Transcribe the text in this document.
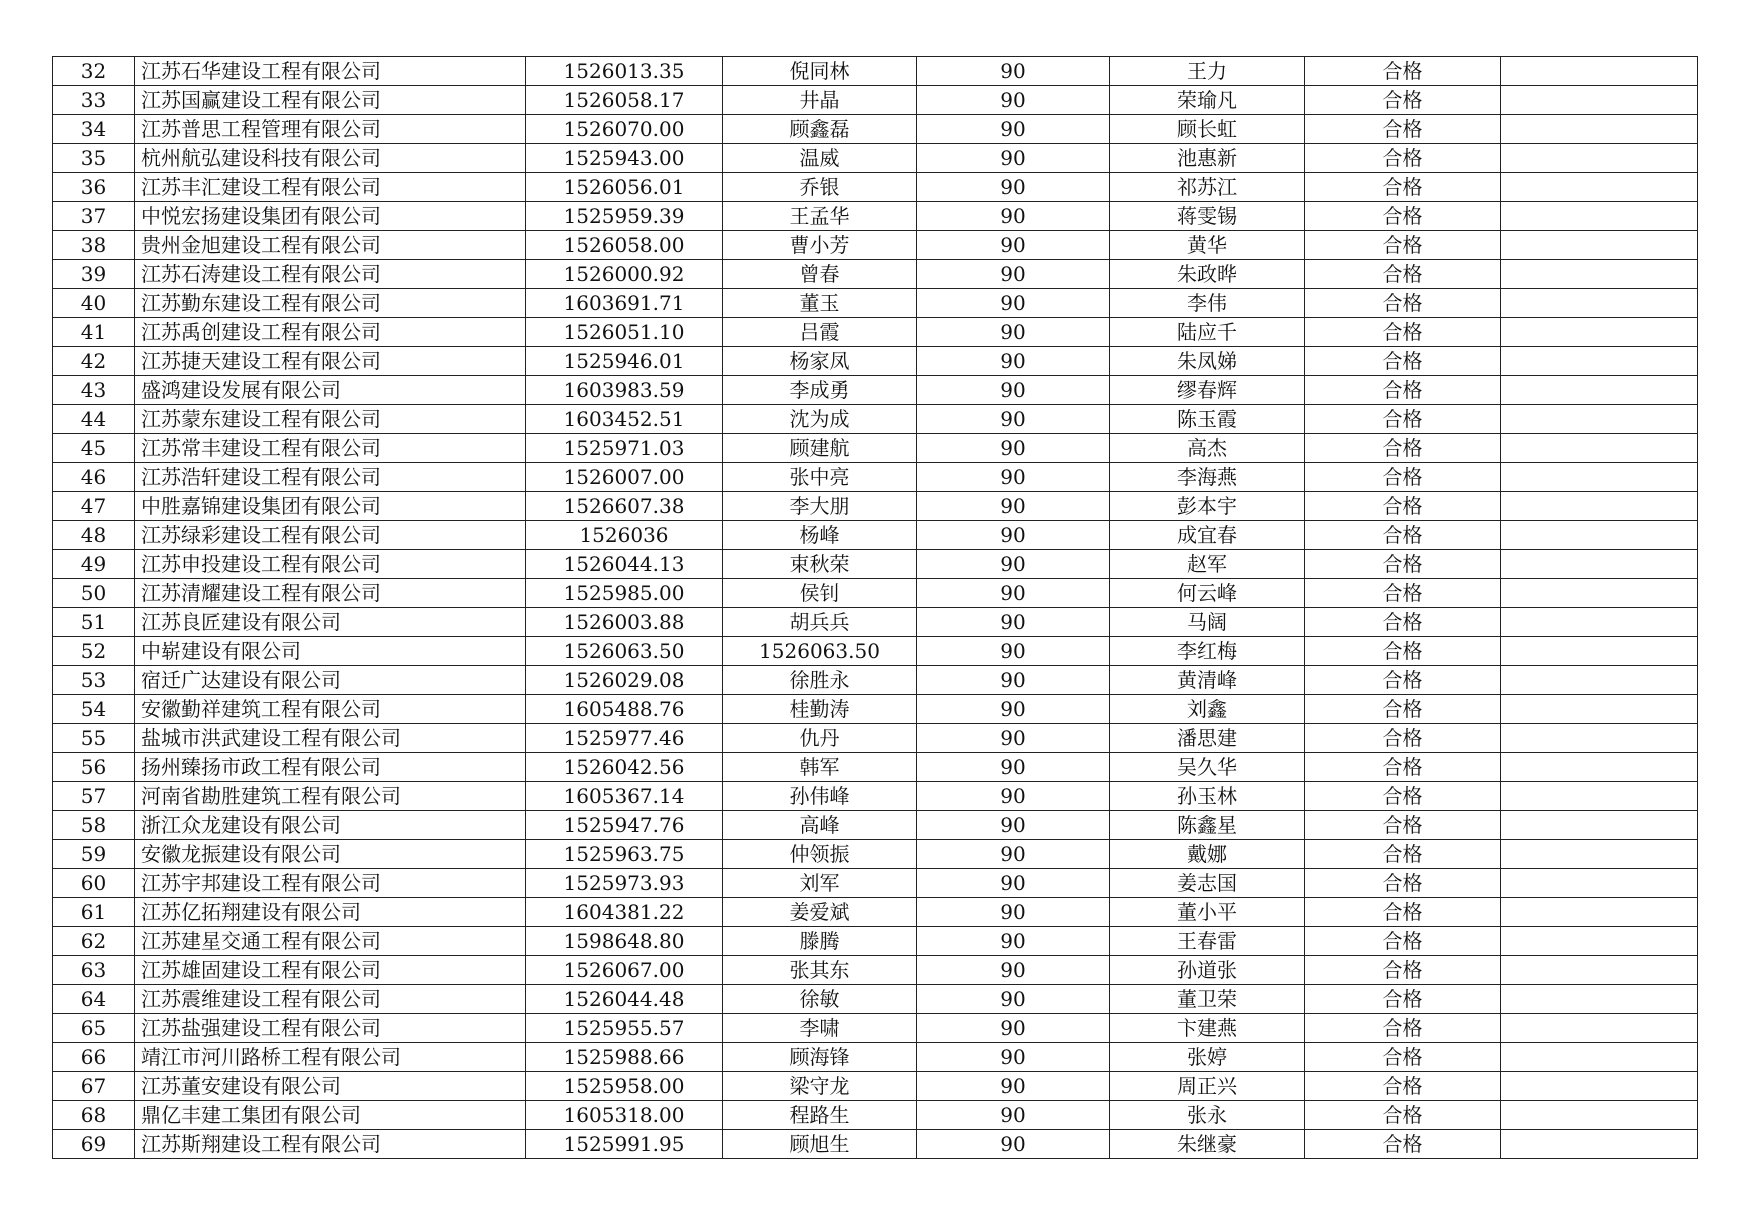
32	江苏石华建设工程有限公司	1526013.35	倪同林	90	王力	合格	
33	江苏国赢建设工程有限公司	1526058.17	井晶	90	荣瑜凡	合格	
34	江苏普思工程管理有限公司	1526070.00	顾鑫磊	90	顾长虹	合格	
35	杭州航弘建设科技有限公司	1525943.00	温威	90	池惠新	合格	
36	江苏丰汇建设工程有限公司	1526056.01	乔银	90	祁苏江	合格	
37	中悦宏扬建设集团有限公司	1525959.39	王孟华	90	蒋雯锡	合格	
38	贵州金旭建设工程有限公司	1526058.00	曹小芳	90	黄华	合格	
39	江苏石涛建设工程有限公司	1526000.92	曾春	90	朱政晔	合格	
40	江苏勤东建设工程有限公司	1603691.71	董玉	90	李伟	合格	
41	江苏禹创建设工程有限公司	1526051.10	吕霞	90	陆应千	合格	
42	江苏捷天建设工程有限公司	1525946.01	杨家凤	90	朱凤娣	合格	
43	盛鸿建设发展有限公司	1603983.59	李成勇	90	缪春辉	合格	
44	江苏蒙东建设工程有限公司	1603452.51	沈为成	90	陈玉霞	合格	
45	江苏常丰建设工程有限公司	1525971.03	顾建航	90	高杰	合格	
46	江苏浩轩建设工程有限公司	1526007.00	张中亮	90	李海燕	合格	
47	中胜嘉锦建设集团有限公司	1526607.38	李大朋	90	彭本宇	合格	
48	江苏绿彩建设工程有限公司	1526036	杨峰	90	成宜春	合格	
49	江苏申投建设工程有限公司	1526044.13	束秋荣	90	赵军	合格	
50	江苏清耀建设工程有限公司	1525985.00	侯钊	90	何云峰	合格	
51	江苏良匠建设有限公司	1526003.88	胡兵兵	90	马阔	合格	
52	中崭建设有限公司	1526063.50	1526063.50	90	李红梅	合格	
53	宿迁广达建设有限公司	1526029.08	徐胜永	90	黄清峰	合格	
54	安徽勤祥建筑工程有限公司	1605488.76	桂勤涛	90	刘鑫	合格	
55	盐城市洪武建设工程有限公司	1525977.46	仇丹	90	潘思建	合格	
56	扬州臻扬市政工程有限公司	1526042.56	韩军	90	吴久华	合格	
57	河南省勘胜建筑工程有限公司	1605367.14	孙伟峰	90	孙玉林	合格	
58	浙江众龙建设有限公司	1525947.76	高峰	90	陈鑫星	合格	
59	安徽龙振建设有限公司	1525963.75	仲领振	90	戴娜	合格	
60	江苏宇邦建设工程有限公司	1525973.93	刘军	90	姜志国	合格	
61	江苏亿拓翔建设有限公司	1604381.22	姜爱斌	90	董小平	合格	
62	江苏建星交通工程有限公司	1598648.80	滕腾	90	王春雷	合格	
63	江苏雄固建设工程有限公司	1526067.00	张其东	90	孙道张	合格	
64	江苏震维建设工程有限公司	1526044.48	徐敏	90	董卫荣	合格	
65	江苏盐强建设工程有限公司	1525955.57	李啸	90	卞建燕	合格	
66	靖江市河川路桥工程有限公司	1525988.66	顾海锋	90	张婷	合格	
67	江苏董安建设有限公司	1525958.00	梁守龙	90	周正兴	合格	
68	鼎亿丰建工集团有限公司	1605318.00	程路生	90	张永	合格	
69	江苏斯翔建设工程有限公司	1525991.95	顾旭生	90	朱继豪	合格	
